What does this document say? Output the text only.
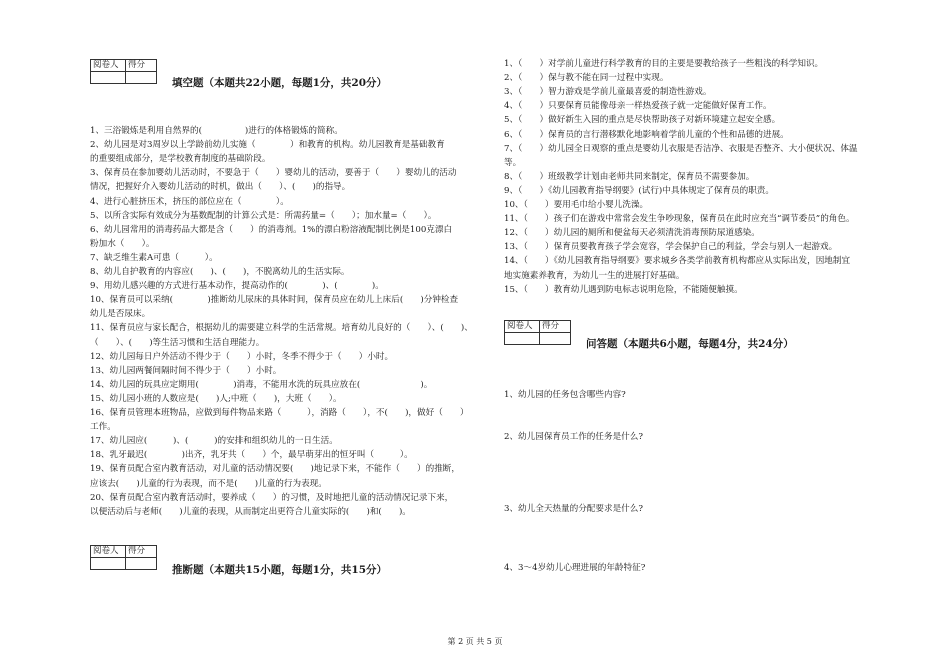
阅卷人	得分

填空题（本题共22小题，每题1分，共20分）
1、三浴锻炼是利用自然界的(　　　　　)进行的体格锻炼的简称。
2、幼儿园是对3周岁以上学龄前幼儿实施（　　　　）和教育的机构。幼儿园教育是基础教育
的重要组成部分，是学校教育制度的基础阶段。
3、保育员在参加婴幼儿活动时，不要急于（　　）婴幼儿的活动，要善于（　　）婴幼儿的活动
情况，把握好介入婴幼儿活动的时机，做出（　　）、(　　)的指导。
4、进行心脏挤压术，挤压的部位应在（　　　　）。
5、以所含实际有效成分为基数配制的计算公式是：所需药量=（　　）；加水量=（　　）。
6、幼儿园常用的消毒药品大都是含（　　）的消毒剂。1%的漂白粉溶液配制比例是100克漂白
粉加水（　　）。
7、缺乏维生素A可患（　　　）。
8、幼儿自护教育的内容应(　　)、(　　)，不脱离幼儿的生活实际。
9、用幼儿感兴趣的方式进行基本动作，提高动作的(　　　　)、(　　　　)。
10、保育员可以采纳(　　　　)推断幼儿尿床的具体时间，保育员应在幼儿上床后(　　)分钟检查
幼儿是否尿床。
11、保育员应与家长配合，根据幼儿的需要建立科学的生活常规。培育幼儿良好的（　　）、(　　)、
（　　）、(　　)等生活习惯和生活自理能力。
12、幼儿园每日户外活动不得少于（　　）小时，冬季不得少于（　　）小时。
13、幼儿园两餐间隔时间不得少于（　　）小时。
14、幼儿园的玩具应定期用(　　　　)消毒，不能用水洗的玩具应放在(　　　　　　　)。
15、幼儿园小班的人数应是(　　)人;中班（　　)，大班（　　）。
16、保育员管理本班物品，应做到每件物品来路（　　　），消路（　　），不(　　)，做好（　　）
工作。
17、幼儿园应(　　　)、(　　　)的安排和组织幼儿的一日生活。
18、乳牙最迟(　　　　)出齐，乳牙共（　　）个，最早萌芽出的恒牙叫（　　　）。
19、保育员配合室内教育活动，对儿童的活动情况要(　　)地记录下来，不能作（　　）的推断，
应该去(　　)儿童的行为表现，而不是(　　)儿童的行为表现。
20、保育员配合室内教育活动时，要养成（　　）的习惯，及时地把儿童的活动情况记录下来，
以便活动后与老师(　　)儿童的表现，从而制定出更符合儿童实际的(　　)和(　　)。
阅卷人	得分

推断题（本题共15小题，每题1分，共15分）
1、（　　）对学前儿童进行科学教育的目的主要是要教给孩子一些粗浅的科学知识。
2、（　　）保与教不能在同一过程中实现。
3、（　　）智力游戏是学前儿童最喜爱的制造性游戏。
4、（　　）只要保育员能像母亲一样热爱孩子就一定能做好保育工作。
5、（　　）做好新生入园的重点是尽快帮助孩子对新环境建立起安全感。
6、（　　）保育员的言行潜移默化地影响着学前儿童的个性和品德的进展。
7、（　　）幼儿园全日观察的重点是婴幼儿衣服是否洁净、衣服是否整齐、大小便状况、体温
等。
8、（　　）班级教学计划由老师共同来制定，保育员不需要参加。
9、（　　）《幼儿园教育指导纲要》(试行)中具体规定了保育员的职责。
10、（　　）要用毛巾给小婴儿洗澡。
11、（　　）孩子们在游戏中常常会发生争吵现象，保育员在此时应充当“调节委员”的角色。
12、（　　）幼儿园的厕所和便盆每天必须清洗消毒预防尿道感染。
13、（　　）保育员要教育孩子学会宽容，学会保护自己的利益，学会与别人一起游戏。
14、（　　）《幼儿园教育指导纲要》要求城乡各类学前教育机构都应从实际出发，因地制宜
地实施素养教育，为幼儿一生的进展打好基础。
15、（　　）教育幼儿遇到防电标志说明危险，不能随便触摸。
阅卷人	得分

问答题（本题共6小题，每题4分，共24分）
1、幼儿园的任务包含哪些内容?
2、幼儿园保育员工作的任务是什么?
3、幼儿全天热量的分配要求是什么?
4、3～4岁幼儿心理进展的年龄特征?
第 2 页 共 5 页
